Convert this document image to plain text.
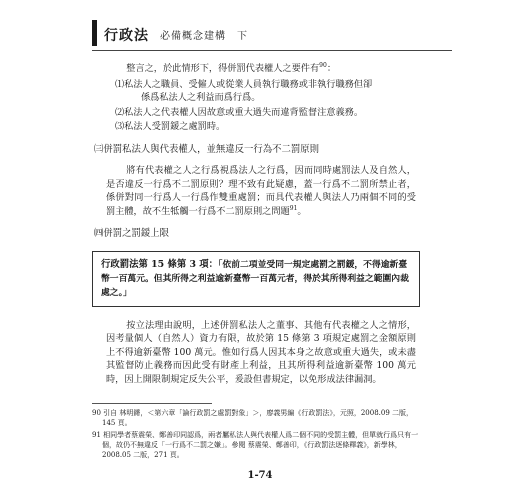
行政法 必備概念建構　下

整言之，於此情形下，得併罰代表權人之要件有$^{90}$：

⑴私法人之職員、受僱人或從業人員執行職務或非執行職務但卻
係爲私法人之利益而爲行爲。
⑵私法人之代表權人因故意或重大過失而違背監督注意義務。
⑶私法人受罰鍰之處罰時。
㈢併罰私法人與代表權人，並無違反一行為不二罰原則

將有代表權之人之行爲視爲法人之行爲，因而同時處罰法人及自然人，是否違反一行爲不二罰原則？理不致有此疑慮，蓋一行爲不二罰所禁止者，係併對同一行爲人一行爲作雙重處罰；而具代表權人與法人乃兩個不同的受罰主體，故不生牴觸一行爲不二罰原則之問題$^{91}$。

㈣併罰之罰鍰上限
行政罰法第 15 條第 3 項：「依前二項並受同一規定處罰之罰鍰，不得逾新臺幣一百萬元。但其所得之利益逾新臺幣一百萬元者，得於其所得利益之範圍內裁處之。」

按立法理由說明，上述併罰私法人之董事、其他有代表權之人之情形，因考量個人（自然人）資力有限，故於第 15 條第 3 項規定處罰之金額原則上不得逾新臺幣 100 萬元。惟如行爲人因其本身之故意或重大過失，或未盡其監督防止義務而因此受有財產上利益，且其所得利益逾新臺幣 100 萬元時，因上開限制規定反失公平，爰設但書規定，以免形成法律漏洞。

90 引自 林明鏘，＜第六章「論行政罰之處罰對象」＞，廖義男編《行政罰法》，元照，2008.09 二版，145 頁。
91 相同學者蔡震榮、鄭善印同認爲，兩者屬私法人與代表權人爲二個不同的受罰主體，但單就行爲只有一個，故仍不無違反「一行爲不二罰之嫌」。參閱 蔡震榮、鄭善印，《行政罰法逐條釋義》，新學林，2008.05 二版，271 頁。
1-74
